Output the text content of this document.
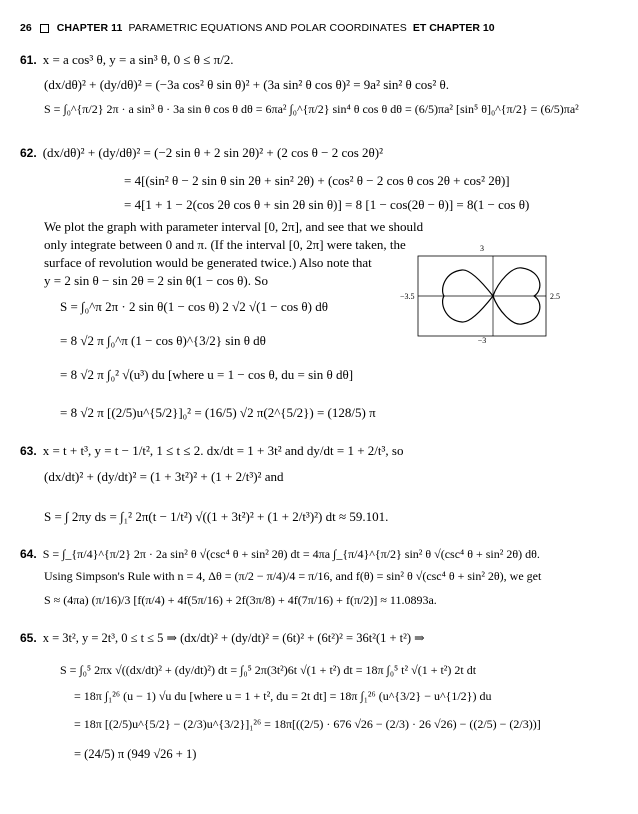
26 CHAPTER 11 PARAMETRIC EQUATIONS AND POLAR COORDINATES ET CHAPTER 10
61. x = a cos³ θ, y = a sin³ θ, 0 ≤ θ ≤ π/2.
(dx/dθ)² + (dy/dθ)² = (−3a cos² θ sin θ)² + (3a sin² θ cos θ)² = 9a² sin² θ cos² θ.
S = ∫₀^{π/2} 2π · a sin³ θ · 3a sin θ cos θ dθ = 6πa² ∫₀^{π/2} sin⁴ θ cos θ dθ = (6/5)πa² [sin⁵ θ]₀^{π/2} = (6/5)πa²
62. (dx/dθ)² + (dy/dθ)² = (−2 sin θ + 2 sin 2θ)² + (2 cos θ − 2 cos 2θ)²
= 4[(sin² θ − 2 sin θ sin 2θ + sin² 2θ) + (cos² θ − 2 cos θ cos 2θ + cos² 2θ)]
= 4[1 + 1 − 2(cos 2θ cos θ + sin 2θ sin θ)] = 8 [1 − cos(2θ − θ)] = 8(1 − cos θ)
We plot the graph with parameter interval [0, 2π], and see that we should
only integrate between 0 and π. (If the interval [0, 2π] were taken, the
surface of revolution would be generated twice.) Also note that
y = 2 sin θ − sin 2θ = 2 sin θ(1 − cos θ). So
S = ∫₀^π 2π · 2 sin θ(1 − cos θ) 2 √2 √(1 − cos θ) dθ
= 8 √2 π ∫₀^π (1 − cos θ)^{3/2} sin θ dθ
= 8 √2 π ∫₀² √(u³) du [where u = 1 − cos θ, du = sin θ dθ]
= 8 √2 π [(2/5)u^{5/2}]₀² = (16/5) √2 π(2^{5/2}) = (128/5) π
3
−3.5	2.5
−3
63. x = t + t³, y = t − 1/t², 1 ≤ t ≤ 2. dx/dt = 1 + 3t² and dy/dt = 1 + 2/t³, so
(dx/dt)² + (dy/dt)² = (1 + 3t²)² + (1 + 2/t³)² and
S = ∫ 2πy ds = ∫₁² 2π(t − 1/t²) √((1 + 3t²)² + (1 + 2/t³)²) dt ≈ 59.101.
64. S = ∫_{π/4}^{π/2} 2π · 2a sin² θ √(csc⁴ θ + sin² 2θ) dt = 4πa ∫_{π/4}^{π/2} sin² θ √(csc⁴ θ + sin² 2θ) dθ.
Using Simpson's Rule with n = 4, Δθ = (π/2 − π/4)/4 = π/16, and f(θ) = sin² θ √(csc⁴ θ + sin² 2θ), we get
S ≈ (4πa) (π/16)/3 [f(π/4) + 4f(5π/16) + 2f(3π/8) + 4f(7π/16) + f(π/2)] ≈ 11.0893a.
65. x = 3t², y = 2t³, 0 ≤ t ≤ 5 ⇒ (dx/dt)² + (dy/dt)² = (6t)² + (6t²)² = 36t²(1 + t²) ⇒
S = ∫₀⁵ 2πx √((dx/dt)² + (dy/dt)²) dt = ∫₀⁵ 2π(3t²)6t √(1 + t²) dt = 18π ∫₀⁵ t² √(1 + t²) 2t dt
= 18π ∫₁²⁶ (u − 1) √u du [where u = 1 + t², du = 2t dt] = 18π ∫₁²⁶ (u^{3/2} − u^{1/2}) du
= 18π [(2/5)u^{5/2} − (2/3)u^{3/2}]₁²⁶ = 18π[((2/5) · 676 √26 − (2/3) · 26 √26) − ((2/5) − (2/3))]
= (24/5) π (949 √26 + 1)
